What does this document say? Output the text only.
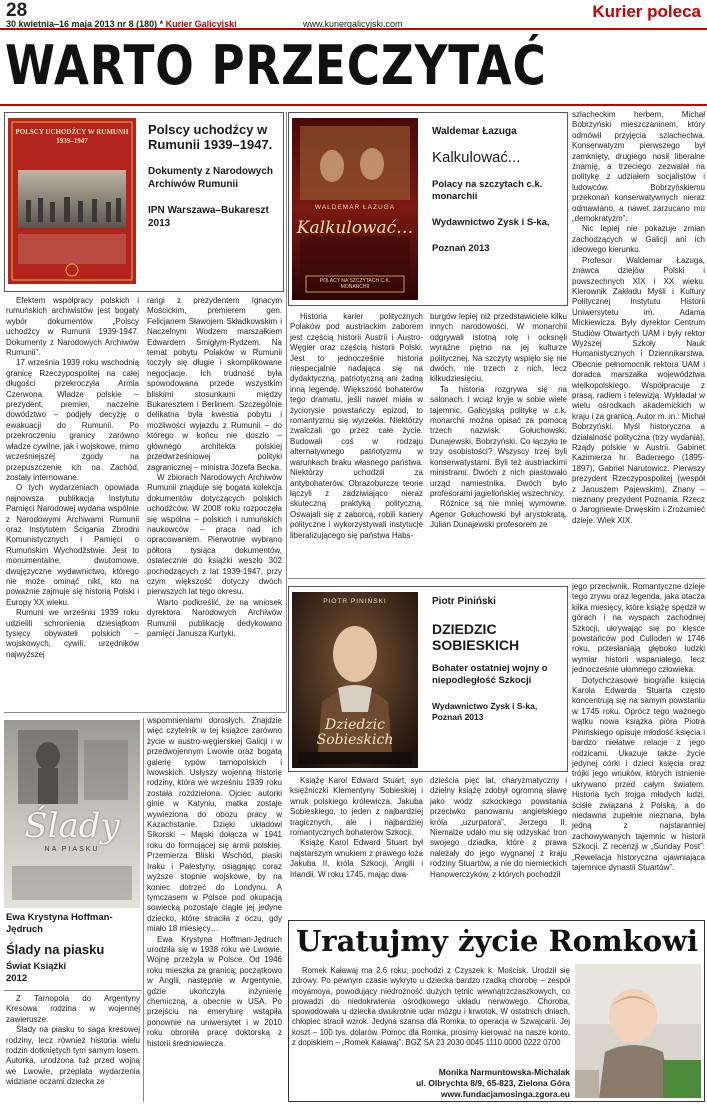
28
30 kwietnia–16 maja 2013 nr 8 (180) * Kurier Galicyjski	www.kuriergalicyjski.com
Kurier poleca
WARTO PRZECZYTAĆ
POLSCY UCHODŹCY W RUMUNII 1939–1947
Polscy uchodźcy w Rumunii 1939–1947.
Dokumenty z Narodowych Archiwów Rumunii
IPN Warszawa–Bukareszt 2013

Efektem współpracy polskich i rumuńskich archiwistów jest bogaty wybór dokumentów „Polscy uchodźcy w Rumunii 1939-1947. Dokumenty z Narodowych Archiwów Rumunii”.

17 września 1939 roku wschodnią granicę Rzeczypospolitej na całej długości przekroczyła Armia Czerwona. Władze polskie – prezydent, premier, naczelne dowództwo – podjęły decyzję o ewakuacji do Rumunii. Po przekroczeniu granicy zarówno władze cywilne, jak i wojskowe, mimo wcześniejszej zgody na przepuszczenie ich na Zachód, zostały internowane.

O tych wydarzeniach opowiada najnowsza publikacja Instytutu Pamięci Narodowej wydana wspólnie z Narodowymi Archiwami Rumunii oraz Instytutem Ścigania Zbrodni Komunistycznych i Pamięci o Rumuńskim Wychodźstwie. Jest to monumentalne, dwutomowe, dwujęzyczne wydawnictwo, którego nie może ominąć nikt, kto na poważnie zajmuje się historią Polski i Europy XX wieku.

Rumuni we wrześniu 1939 roku udzielili schronienia dziesiątkom tysięcy obywateli polskich – wojskowych, cywili, urzędników najwyższej

rangi z prezydentem Ignacym Mościckim, premierem gen. Felicjanem Sławojem Składkowskim i Naczelnym Wodzem marszałkiem Edwardem Śmigłym-Rydzem. Na temat pobytu Polaków w Rumunii toczyły się długie i skomplikowane negocjacje. Ich trudność była spowodowana przede wszystkim bliskimi stosunkami między Bukaresztem i Berlinem. Szczególnie delikatna była kwestia pobytu i możliwości wyjazdu z Rumunii – do którego w końcu nie doszło – głównego architekta polskiej przedwrześniowej polityki zagranicznej – ministra Józefa Becka.

W zbiorach Narodowych Archiwów Rumunii znajduje się bogata kolekcja dokumentów dotyczących polskich uchodźców. W 2008 roku rozpoczęła się wspólna – polskich i rumuńskich naukowców – praca nad ich opracowaniem. Pierwotnie wybrano półtora tysiąca dokumentów, ostatecznie do książki weszło 302 pochodzących z lat 1939-1947, przy czym większość dotyczy dwóch pierwszych lat tego okresu.

Warto podkreślić, że na wniosek dyrektora Narodowych Archiwów Rumunii publikację dedykowano pamięci Janusza Kurtyki.

WALDEMAR ŁAZUGA
Kalkulować…
POLACY NA SZCZYTACH C.K. MONARCHII
Waldemar Łazuga
Kalkulować...
Polacy na szczytach c.k. monarchii
Wydawnictwo Zysk i S-ka,
Poznań 2013

Historia karier politycznych Polaków pod austriackim zaborem jest częścią historii Austrii i Austro-Węgier oraz częścią historii Polski. Jest to jednocześnie historia niespecjalnie nadająca się na dydaktyczną, patriotyczną ani żadną inną legendę. Większość bohaterów tego dramatu, jeśli nawet miała w życiorysie powstańczy epizod, to romantyzmu się wyrzekła. Niektórzy zwalczali go przez całe życie. Budowali coś w rodzaju alternatywnego patriotyzmu w warunkach braku własnego państwa. Niektórzy uchodzili za antybohaterów. Obrazoburcze teorie łączyli z zadziwiająco nieraz skuteczną praktyką polityczną. Oswajali się z zaborcą, robili kariery polityczne i wykorzystywali instytucje liberalizującego się państwa Habs-

burgów lepiej niż przedstawiciele kilku innych narodowości. W monarchii odgrywali istotną rolę i ocksnęli wyraźne piętno na jej kulturze politycznej. Na szczyty wspięło się nie dwóch, nie trzech z nich, lecz kilkudziesięciu.

Ta historia rozgrywa się na salonach. I wciąż kryje w sobie wiele tajemnic. Galicyjską politykę w c.k. monarchii można opisać za pomocą trzech nazwisk: Gołuchowski, Dunajewski, Bobrzyński. Co łączyło te trzy osobistości? Wszyscy trzej byli konserwatystami. Byli też austriackimi ministrami. Dwóch z nich piastowało urząd namiestnika. Dwóch było profesorami jagiellońskiej wszechnicy.

Różnice są nie mniej wymowne. Agenor Gołuchowski był arystokratą, Julian Dunajewski profesorem ze

szlacheckim herbem, Michał Bobrzyński mieszczaninem, który odmówił przyjęcia szlachectwa. Konserwatyzm pierwszego był zamknięty, drugiego nosił liberalne znamię, a trzeciego zezwalał na politykę z udziałem socjalistów i ludowców. Bobrzyńskiemu przekonań konserwatywnych nieraz odmawiano, a nawet zarzucano mu „demokratyzm”.

Nic lepiej nie pokazuje zmian zachodzących w Galicji ani ich ideowego kierunku.

Profesor Waldemar Łazuga, znawca dziejów Polski i powszechnych XIX i XX wieku. Kierownik Zakładu Myśli i Kultury Politycznej Instytutu Historii Uniwersytetu im. Adama Mickiewicza. Były dyrektor Centrum Studiów Otwartych UAM i były rektor Wyższej Szkoły Nauk Humanistycznych i Dziennikarstwa. Obecnie pełnomocnik rektora UAM i doradca marszałka województwa wielkopolskiego. Współpracuje z prasą, radiem i telewizją. Wykładał w wielu ośrodkach akademickich w kraju i za granicą. Autor m. in.: Michał Bobrzyński. Myśl historyczna a działalność polityczna (trzy wydania), Rządy polskie w Austrii. Gabinet Kazimierza hr. Badeniego (1895-1897), Gabriel Narutowicz. Pierwszy prezydent Rzeczypospolitej (wespół z Januszem Pajewskim), Znany – nieznany prezydent Poznania. Rzecz o Jarogniewie Drwęskim i Zrozumieć dzieje. Wiek XIX.

Ślady
NA PIASKU
Ewa Krystyna Hoffman-Jędruch
Ślady na piasku
Świat Książki
2012

Z Tarnopola do Argentyny Kresowa rodzina w wojennej zawierusze.

Ślady na piasku to saga kresowej rodziny, lecz również historia wielu rodzin dotkniętych tym samym losem. Autorka, urodzona tuż przed wojną we Lwowie, przeplata wydarzenia widziane oczami dziecka ze

wspomnieniami dorosłych. Znajdzie więc czytelnik w tej książce zarówno życie w austro-węgierskiej Galicji i w przedwojennym Lwowie oraz bogatą galerię typów tarnopolskich i lwowskich. Usłyszy wojenną historię rodziny, która we wrześniu 1939 roku została rozdzielona. Ojciec autorki ginie w Katyniu, matka zostaje wywieziona do obozu pracy w Kazachstanie. Dzięki układowi Sikorski – Majski dołącza w 1941 roku do formującej się armii polskiej. Przemierza Bliski Wschód, piaski Iraku i Palestyny, osiągając coraz wyższe stopnie wojskowe, by na koniec dotrzeć do Londynu. A tymczasem w Polsce pod okupacją sowiecką pozostaje ciągle jej jedyne dziecko, które straciła z oczu, gdy miało 18 miesięcy…

Ewa Krystyna Hoffman-Jędruch urodziła się w 1938 roku we Lwowie. Wojnę przeżyła w Polsce. Od 1946 roku mieszka za granicą; początkowo w Anglii, następnie w Argentynie, gdzie ukończyła inżynierię chemiczną, a obecnie w USA. Po przejściu na emeryturę wstąpiła ponownie na uniwersytet i w 2010 roku obroniła pracę doktorską z historii średniowiecza.

PIOTR PINIŃSKI
Dziedzic Sobieskich
Piotr Piniński
DZIEDZIC SOBIESKICH
Bohater ostatniej wojny o niepodległość Szkocji
Wydawnictwo Zysk i S-ka, Poznań 2013

Książę Karol Edward Stuart, syn księżniczki Klementyny Sobieskiej i wnuk polskiego królewicza, Jakuba Sobieskiego, to jeden z najbardziej tragicznych, ale i najbardziej romantycznych bohaterów Szkocji.

Książę Karol Edward Stuart był najstarszym wnukiem z prawego łoża Jakuba II, króla Szkocji, Anglii i Irlandii. W roku 1745, mając dwa-

dzieścia pięć lat, charyzmatyczny i dzielny książę zdobył ogromną sławę jako wódz szkockiego powstania przeciwko panowaniu angielskiego króla „uzurpatora”, Jerzego II. Niemalże udało mu się odzyskać tron swojego dziadka, które z prawa należały do jego wygnanej z kraju rodziny Stuartów, a nie do niemieckich Hanowerczyków, z których pochodził

jego przeciwnik. Romantyczne dzieje tego zrywu oraz legenda, jaka otacza kilka miesięcy, które książę spędził w górach i na wyspach zachodniej Szkocji, ukrywając się po klęsce powstańców pod Culloden w 1746 roku, przesłaniają głęboko ludzki wymiar historii wspaniałego, lecz jednocześnie ułomnego człowieka.

Dotychczasowe biografie księcia Karola Edwarda Stuarta często koncentrują się na samym powstaniu w 1745 roku. Oprócz tego ważnego wątku nowa książka pióra Piotra Pinińskiego opisuje młodość księcia i bardzo niełatwe relacje z jego rodzicami. Ukazuje także życie jedynej córki i dzieci księcia oraz trójki jego wnuków, których istnienie ukrywano przed całym światem. Historia tych trojga młodych ludzi, ściśle związana z Polską, a do niedawna zupełnie nieznana, była jedną z najstaranniej zachowywanych tajemnic w historii Szkocji. Z recenzji w „Sunday Post”: „Rewelacja historyczna ujawniająca tajemnice dynastii Stuartów”.

Uratujmy życie Romkowi

Romek Kaławaj ma 2,6 roku; pochodzi z Czyszek k. Mościsk. Urodził się zdrowy. Po pewnym czasie wykryto u dziecka bardzo rzadką chorobę – zespół moyamoya, powodujący niedrożność dużych tętnic wewnątrzczaszkowych, co prowadzi do niedokrwienia ośrodkowego układu nerwowego. Choroba, spowodowała u dziecka dwukrotnie udar mózgu i krwotok. W ostatnich dniach, chłopiec stracił wzrok. Jedyna szansa dla Romka, to operacja w Szwajcarii. Jej koszt – 100 tys. dolarów. Pomoc dla Romka, prosimy kierować na nasze konto, z dopiskiem – „Romek Kaławaj”: BGŻ SA 23 2030 0045 1110 0000 0222 0700

Monika Narmuntowska-Michalak
ul. Olbrychta 8/9, 65-823, Zielona Góra
www.fundacjamosinga.zgora.eu
